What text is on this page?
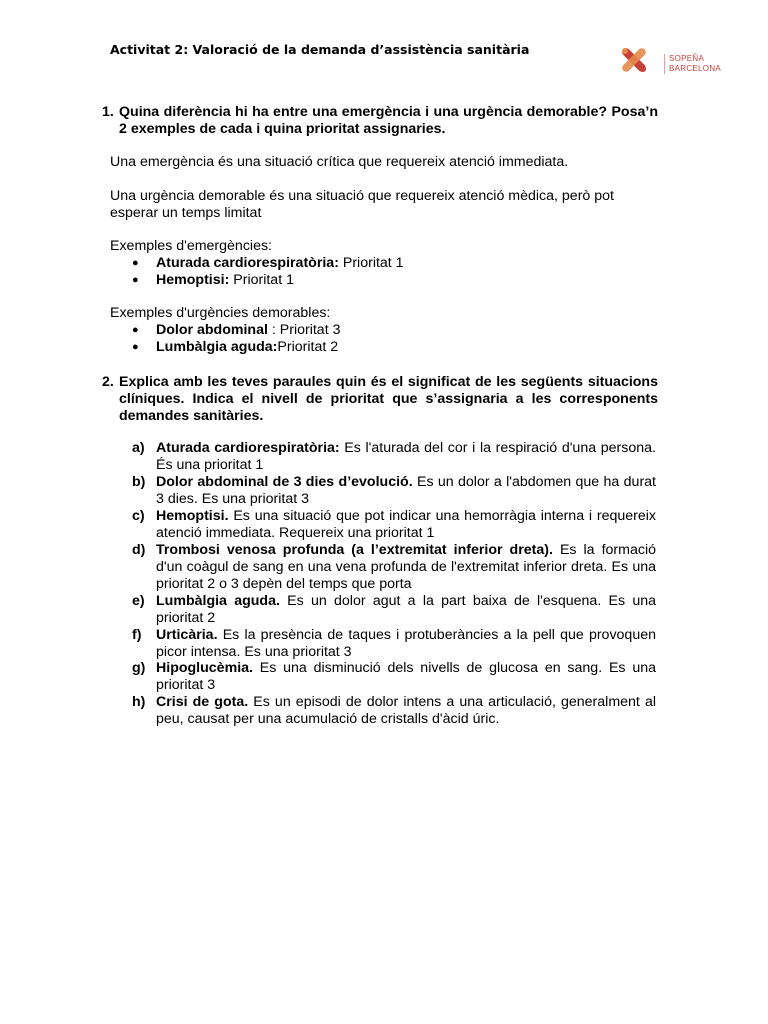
Activitat 2: Valoració de la demanda d’assistència sanitària
SOPEÑA
BARCELONA
1. Quina diferència hi ha entre una emergència i una urgència demorable? Posa’n 2 exemples de cada i quina prioritat assignaries.
Una emergència és una situació crítica que requereix atenció immediata.
Una urgència demorable és una situació que requereix atenció mèdica, però pot esperar un temps limitat
Exemples d'emergències:
● Aturada cardiorespiratòria: Prioritat 1
● Hemoptisi: Prioritat 1
Exemples d'urgències demorables:
● Dolor abdominal : Prioritat 3
● Lumbàlgia aguda:Prioritat 2
2. Explica amb les teves paraules quin és el significat de les següents situacions clíniques. Indica el nivell de prioritat que s’assignaria a les corresponents demandes sanitàries.
a) Aturada cardiorespiratòria: Es l'aturada del cor i la respiració d'una persona. És una prioritat 1
b) Dolor abdominal de 3 dies d’evolució. Es un dolor a l'abdomen que ha durat 3 dies. Es una prioritat 3
c) Hemoptisi. Es una situació que pot indicar una hemorràgia interna i requereix atenció immediata. Requereix una prioritat 1
d) Trombosi venosa profunda (a l’extremitat inferior dreta). Es la formació d'un coàgul de sang en una vena profunda de l'extremitat inferior dreta. Es una prioritat 2 o 3 depèn del temps que porta
e) Lumbàlgia aguda. Es un dolor agut a la part baixa de l'esquena. Es una prioritat 2
f) Urticària. Es la presència de taques i protuberàncies a la pell que provoquen picor intensa. Es una prioritat 3
g) Hipoglucèmia. Es una disminució dels nivells de glucosa en sang. Es una prioritat 3
h) Crisi de gota. Es un episodi de dolor intens a una articulació, generalment al peu, causat per una acumulació de cristalls d'àcid úric.
